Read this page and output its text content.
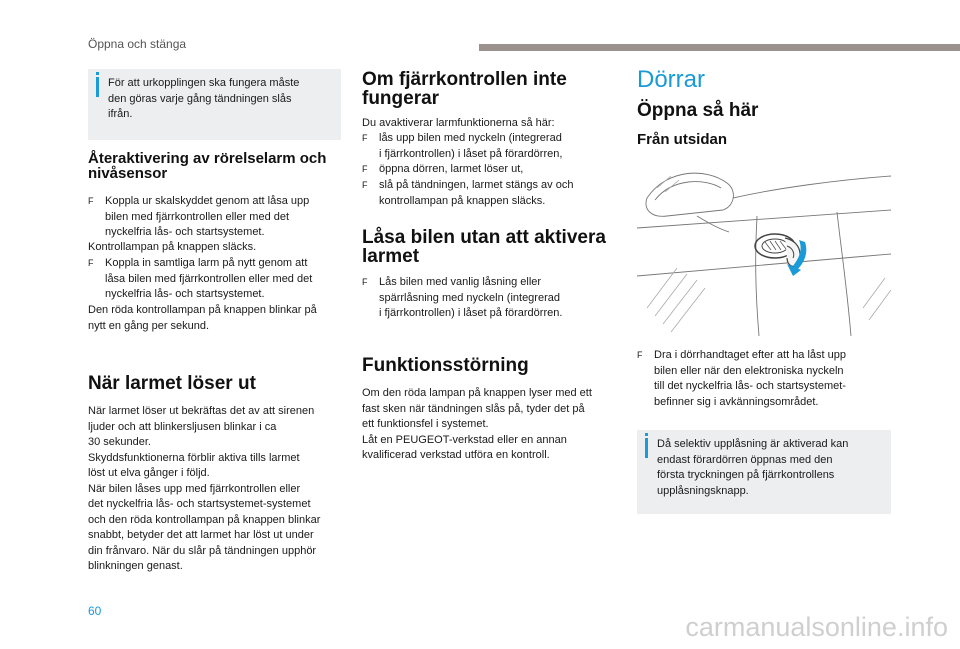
Öppna och stänga
För att urkopplingen ska fungera måste
den göras varje gång tändningen slås
ifrån.
Återaktivering av rörelselarm och
nivåsensor
F Koppla ur skalskyddet genom att låsa upp
bilen med fjärrkontrollen eller med det
nyckelfria lås- och startsystemet.
Kontrollampan på knappen släcks.
F Koppla in samtliga larm på nytt genom att
låsa bilen med fjärrkontrollen eller med det
nyckelfria lås- och startsystemet.
Den röda kontrollampan på knappen blinkar på
nytt en gång per sekund.
När larmet löser ut
När larmet löser ut bekräftas det av att sirenen
ljuder och att blinkersljusen blinkar i ca
30 sekunder.
Skyddsfunktionerna förblir aktiva tills larmet
löst ut elva gånger i följd.
När bilen låses upp med fjärrkontrollen eller
det nyckelfria lås- och startsystemet-systemet
och den röda kontrollampan på knappen blinkar
snabbt, betyder det att larmet har löst ut under
din frånvaro. När du slår på tändningen upphör
blinkningen genast.
Om fjärrkontrollen inte
fungerar
Du avaktiverar larmfunktionerna så här:
F lås upp bilen med nyckeln (integrerad
i fjärrkontrollen) i låset på förardörren,
F öppna dörren, larmet löser ut,
F slå på tändningen, larmet stängs av och
kontrollampan på knappen släcks.
Låsa bilen utan att aktivera
larmet
F Lås bilen med vanlig låsning eller
spärrlåsning med nyckeln (integrerad
i fjärrkontrollen) i låset på förardörren.
Funktionsstörning
Om den röda lampan på knappen lyser med ett
fast sken när tändningen slås på, tyder det på
ett funktionsfel i systemet.
Låt en PEUGEOT-verkstad eller en annan
kvalificerad verkstad utföra en kontroll.
Dörrar
Öppna så här
Från utsidan
F Dra i dörrhandtaget efter att ha låst upp
bilen eller när den elektroniska nyckeln
till det nyckelfria lås- och startsystemet-
befinner sig i avkänningsområdet.
Då selektiv upplåsning är aktiverad kan
endast förardörren öppnas med den
första tryckningen på fjärrkontrollens
upplåsningsknapp.
60
carmanualsonline.info
